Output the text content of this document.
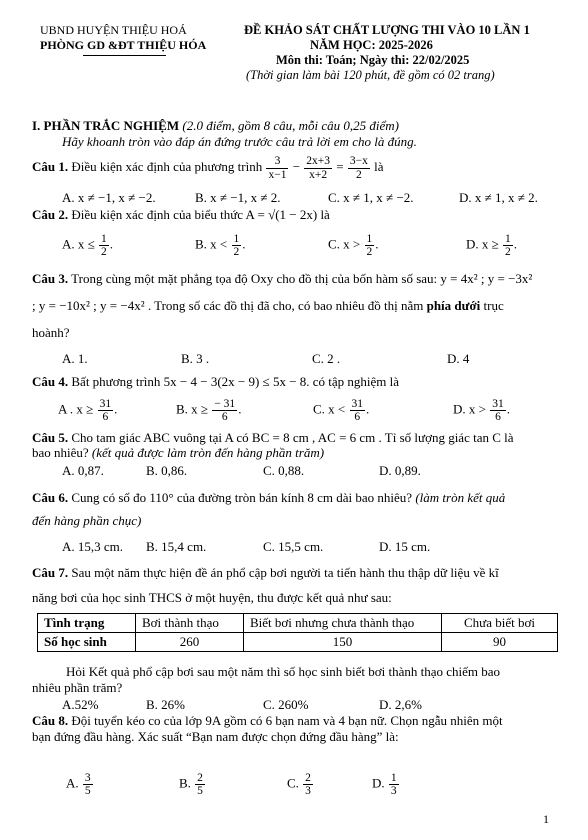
UBND HUYỆN THIỆU HOÁ
PHÒNG GD &ĐT THIỆU HÓA
ĐỀ KHẢO SÁT CHẤT LƯỢNG THI VÀO 10 LẦN 1
NĂM HỌC: 2025-2026
Môn thi: Toán; Ngày thi: 22/02/2025
(Thời gian làm bài 120 phút, đề gồm có 02 trang)
I. PHẦN TRẮC NGHIỆM (2.0 điểm, gồm 8 câu, mỗi câu 0,25 điểm)
Hãy khoanh tròn vào đáp án đứng trước câu trả lời em cho là đúng.
Câu 1. Điều kiện xác định của phương trình $\frac{3}{x-1} - \frac{2x+3}{x+2} = \frac{3-x}{2}$ là
A. x ≠ −1, x ≠ −2.	B. x ≠ −1, x ≠ 2.	C. x ≠ 1, x ≠ −2.	D. x ≠ 1, x ≠ 2.
Câu 2. Điều kiện xác định của biểu thức A = √(1 − 2x) là
A. $x \le \frac{1}{2}$ .	B. $x < \frac{1}{2}$ .	C. $x > \frac{1}{2}$ .	D. $x \ge \frac{1}{2}$ .
Câu 3. Trong cùng một mặt phẳng tọa độ Oxy cho đồ thị của bốn hàm số sau: y = 4x² ; y = −3x²
; y = −10x² ; y = −4x² . Trong số các đồ thị đã cho, có bao nhiêu đồ thị nằm phía dưới trục
hoành?
A. 1.	B. 3 .	C. 2 .	D. 4
Câu 4. Bất phương trình 5x − 4 − 3(2x − 9) ≤ 5x − 8. có tập nghiệm là
A . $x \ge \frac{31}{6}$ .	B. $x \ge \frac{- 31}{6}$ .	C. $x < \frac{31}{6}$ .	D. $x > \frac{31}{6}$ .
Câu 5. Cho tam giác ABC vuông tại A có BC = 8 cm , AC = 6 cm . Tỉ số lượng giác tan C là
bao nhiêu? (kết quả được làm tròn đến hàng phần trăm)
A. 0,87.	B. 0,86.	C. 0,88.	D. 0,89.
Câu 6. Cung có số đo 110° của đường tròn bán kính 8 cm dài bao nhiêu? (làm tròn kết quả
đến hàng phần chục)
A. 15,3 cm. B. 15,4 cm.	C. 15,5 cm.	D. 15 cm.
Câu 7. Sau một năm thực hiện đề án phổ cập bơi người ta tiến hành thu thập dữ liệu về kĩ
năng bơi của học sinh THCS ở một huyện, thu được kết quả như sau:
Tình trạng	Bơi thành thạo	Biết bơi nhưng chưa thành thạo	Chưa biết bơi
Số học sinh	260	150	90
Hỏi Kết quả phổ cập bơi sau một năm thì số học sinh biết bơi thành thạo chiếm bao
nhiêu phần trăm?
A.52%	B. 26%	C. 260%	D. 2,6%
Câu 8. Đội tuyển kéo co của lớp 9A gồm có 6 bạn nam và 4 bạn nữ. Chọn ngẫu nhiên một
bạn đứng đầu hàng. Xác suất “Bạn nam được chọn đứng đầu hàng” là:
A. $\frac{3}{5}$	B. $\frac{2}{5}$	C. $\frac{2}{3}$	D. $\frac{1}{3}$
1
